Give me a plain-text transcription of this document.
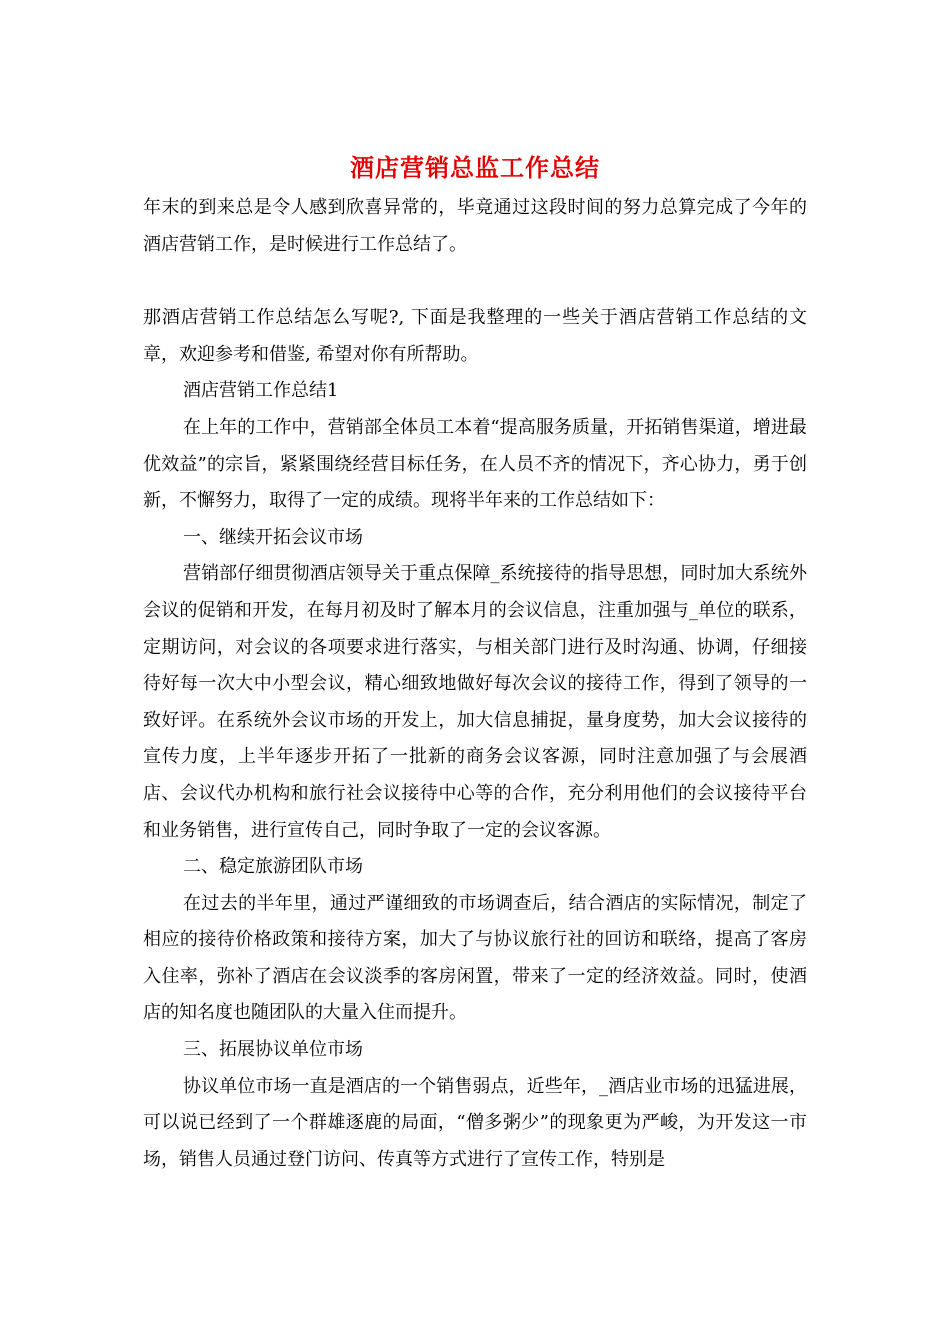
酒店营销总监工作总结

年末的到来总是令人感到欣喜异常的，毕竟通过这段时间的努力总算完成了今年的酒店营销工作，是时候进行工作总结了。

那酒店营销工作总结怎么写呢?, 下面是我整理的一些关于酒店营销工作总结的文章，欢迎参考和借鉴, 希望对你有所帮助。

酒店营销工作总结1

在上年的工作中，营销部全体员工本着“提高服务质量，开拓销售渠道，增进最优效益”的宗旨，紧紧围绕经营目标任务，在人员不齐的情况下，齐心协力，勇于创新，不懈努力，取得了一定的成绩。现将半年来的工作总结如下：

一、继续开拓会议市场

营销部仔细贯彻酒店领导关于重点保障_系统接待的指导思想，同时加大系统外会议的促销和开发，在每月初及时了解本月的会议信息，注重加强与_单位的联系，定期访问，对会议的各项要求进行落实，与相关部门进行及时沟通、协调，仔细接待好每一次大中小型会议，精心细致地做好每次会议的接待工作，得到了领导的一致好评。在系统外会议市场的开发上，加大信息捕捉，量身度势，加大会议接待的宣传力度，上半年逐步开拓了一批新的商务会议客源，同时注意加强了与会展酒店、会议代办机构和旅行社会议接待中心等的合作，充分利用他们的会议接待平台和业务销售，进行宣传自己，同时争取了一定的会议客源。

二、稳定旅游团队市场

在过去的半年里，通过严谨细致的市场调查后，结合酒店的实际情况，制定了相应的接待价格政策和接待方案，加大了与协议旅行社的回访和联络，提高了客房入住率，弥补了酒店在会议淡季的客房闲置，带来了一定的经济效益。同时，使酒店的知名度也随团队的大量入住而提升。

三、拓展协议单位市场

协议单位市场一直是酒店的一个销售弱点，近些年，_酒店业市场的迅猛进展，可以说已经到了一个群雄逐鹿的局面，“僧多粥少”的现象更为严峻，为开发这一市场，销售人员通过登门访问、传真等方式进行了宣传工作，特别是
